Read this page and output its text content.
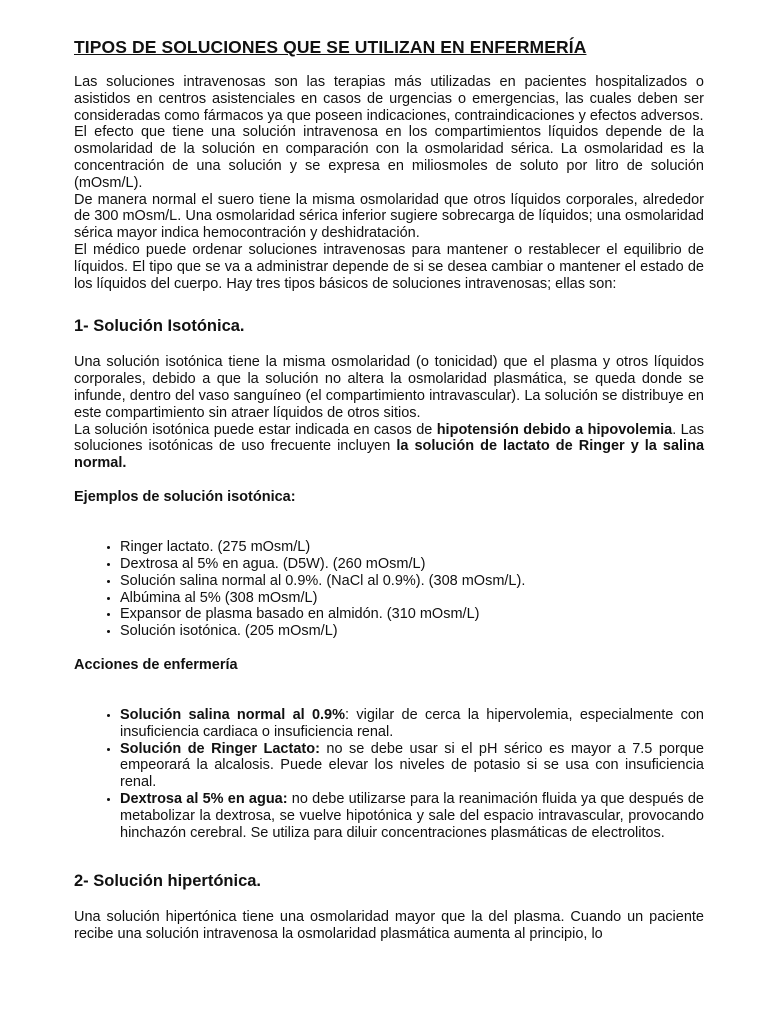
TIPOS DE SOLUCIONES QUE SE UTILIZAN EN ENFERMERÍA

Las soluciones intravenosas son las terapias más utilizadas en pacientes hospitalizados o asistidos en centros asistenciales en casos de urgencias o emergencias, las cuales deben ser consideradas como fármacos ya que poseen indicaciones, contraindicaciones y efectos adversos.

El efecto que tiene una solución intravenosa en los compartimientos líquidos depende de la osmolaridad de la solución en comparación con la osmolaridad sérica. La osmolaridad es la concentración de una solución y se expresa en miliosmoles de soluto por litro de solución (mOsm/L).

De manera normal el suero tiene la misma osmolaridad que otros líquidos corporales, alrededor de 300 mOsm/L. Una osmolaridad sérica inferior sugiere sobrecarga de líquidos; una osmolaridad sérica mayor indica hemocontración y deshidratación.

El médico puede ordenar soluciones intravenosas para mantener o restablecer el equilibrio de líquidos. El tipo que se va a administrar depende de si se desea cambiar o mantener el estado de los líquidos del cuerpo. Hay tres tipos básicos de soluciones intravenosas; ellas son:

1- Solución Isotónica.

Una solución isotónica tiene la misma osmolaridad (o tonicidad) que el plasma y otros líquidos corporales, debido a que la solución no altera la osmolaridad plasmática, se queda donde se infunde, dentro del vaso sanguíneo (el compartimiento intravascular). La solución se distribuye en este compartimiento sin atraer líquidos de otros sitios.

La solución isotónica puede estar indicada en casos de hipotensión debido a hipovolemia. Las soluciones isotónicas de uso frecuente incluyen la solución de lactato de Ringer y la salina normal.

Ejemplos de solución isotónica:

• Ringer lactato. (275 mOsm/L)
• Dextrosa al 5% en agua. (D5W). (260 mOsm/L)
• Solución salina normal al 0.9%. (NaCl al 0.9%). (308 mOsm/L).
• Albúmina al 5% (308 mOsm/L)
• Expansor de plasma basado en almidón. (310 mOsm/L)
• Solución isotónica. (205 mOsm/L)

Acciones de enfermería

• Solución salina normal al 0.9%: vigilar de cerca la hipervolemia, especialmente con insuficiencia cardiaca o insuficiencia renal.
• Solución de Ringer Lactato: no se debe usar si el pH sérico es mayor a 7.5 porque empeorará la alcalosis. Puede elevar los niveles de potasio si se usa con insuficiencia renal.
• Dextrosa al 5% en agua: no debe utilizarse para la reanimación fluida ya que después de metabolizar la dextrosa, se vuelve hipotónica y sale del espacio intravascular, provocando hinchazón cerebral. Se utiliza para diluir concentraciones plasmáticas de electrolitos.
2- Solución hipertónica.

Una solución hipertónica tiene una osmolaridad mayor que la del plasma. Cuando un paciente recibe una solución intravenosa la osmolaridad plasmática aumenta al principio, lo
